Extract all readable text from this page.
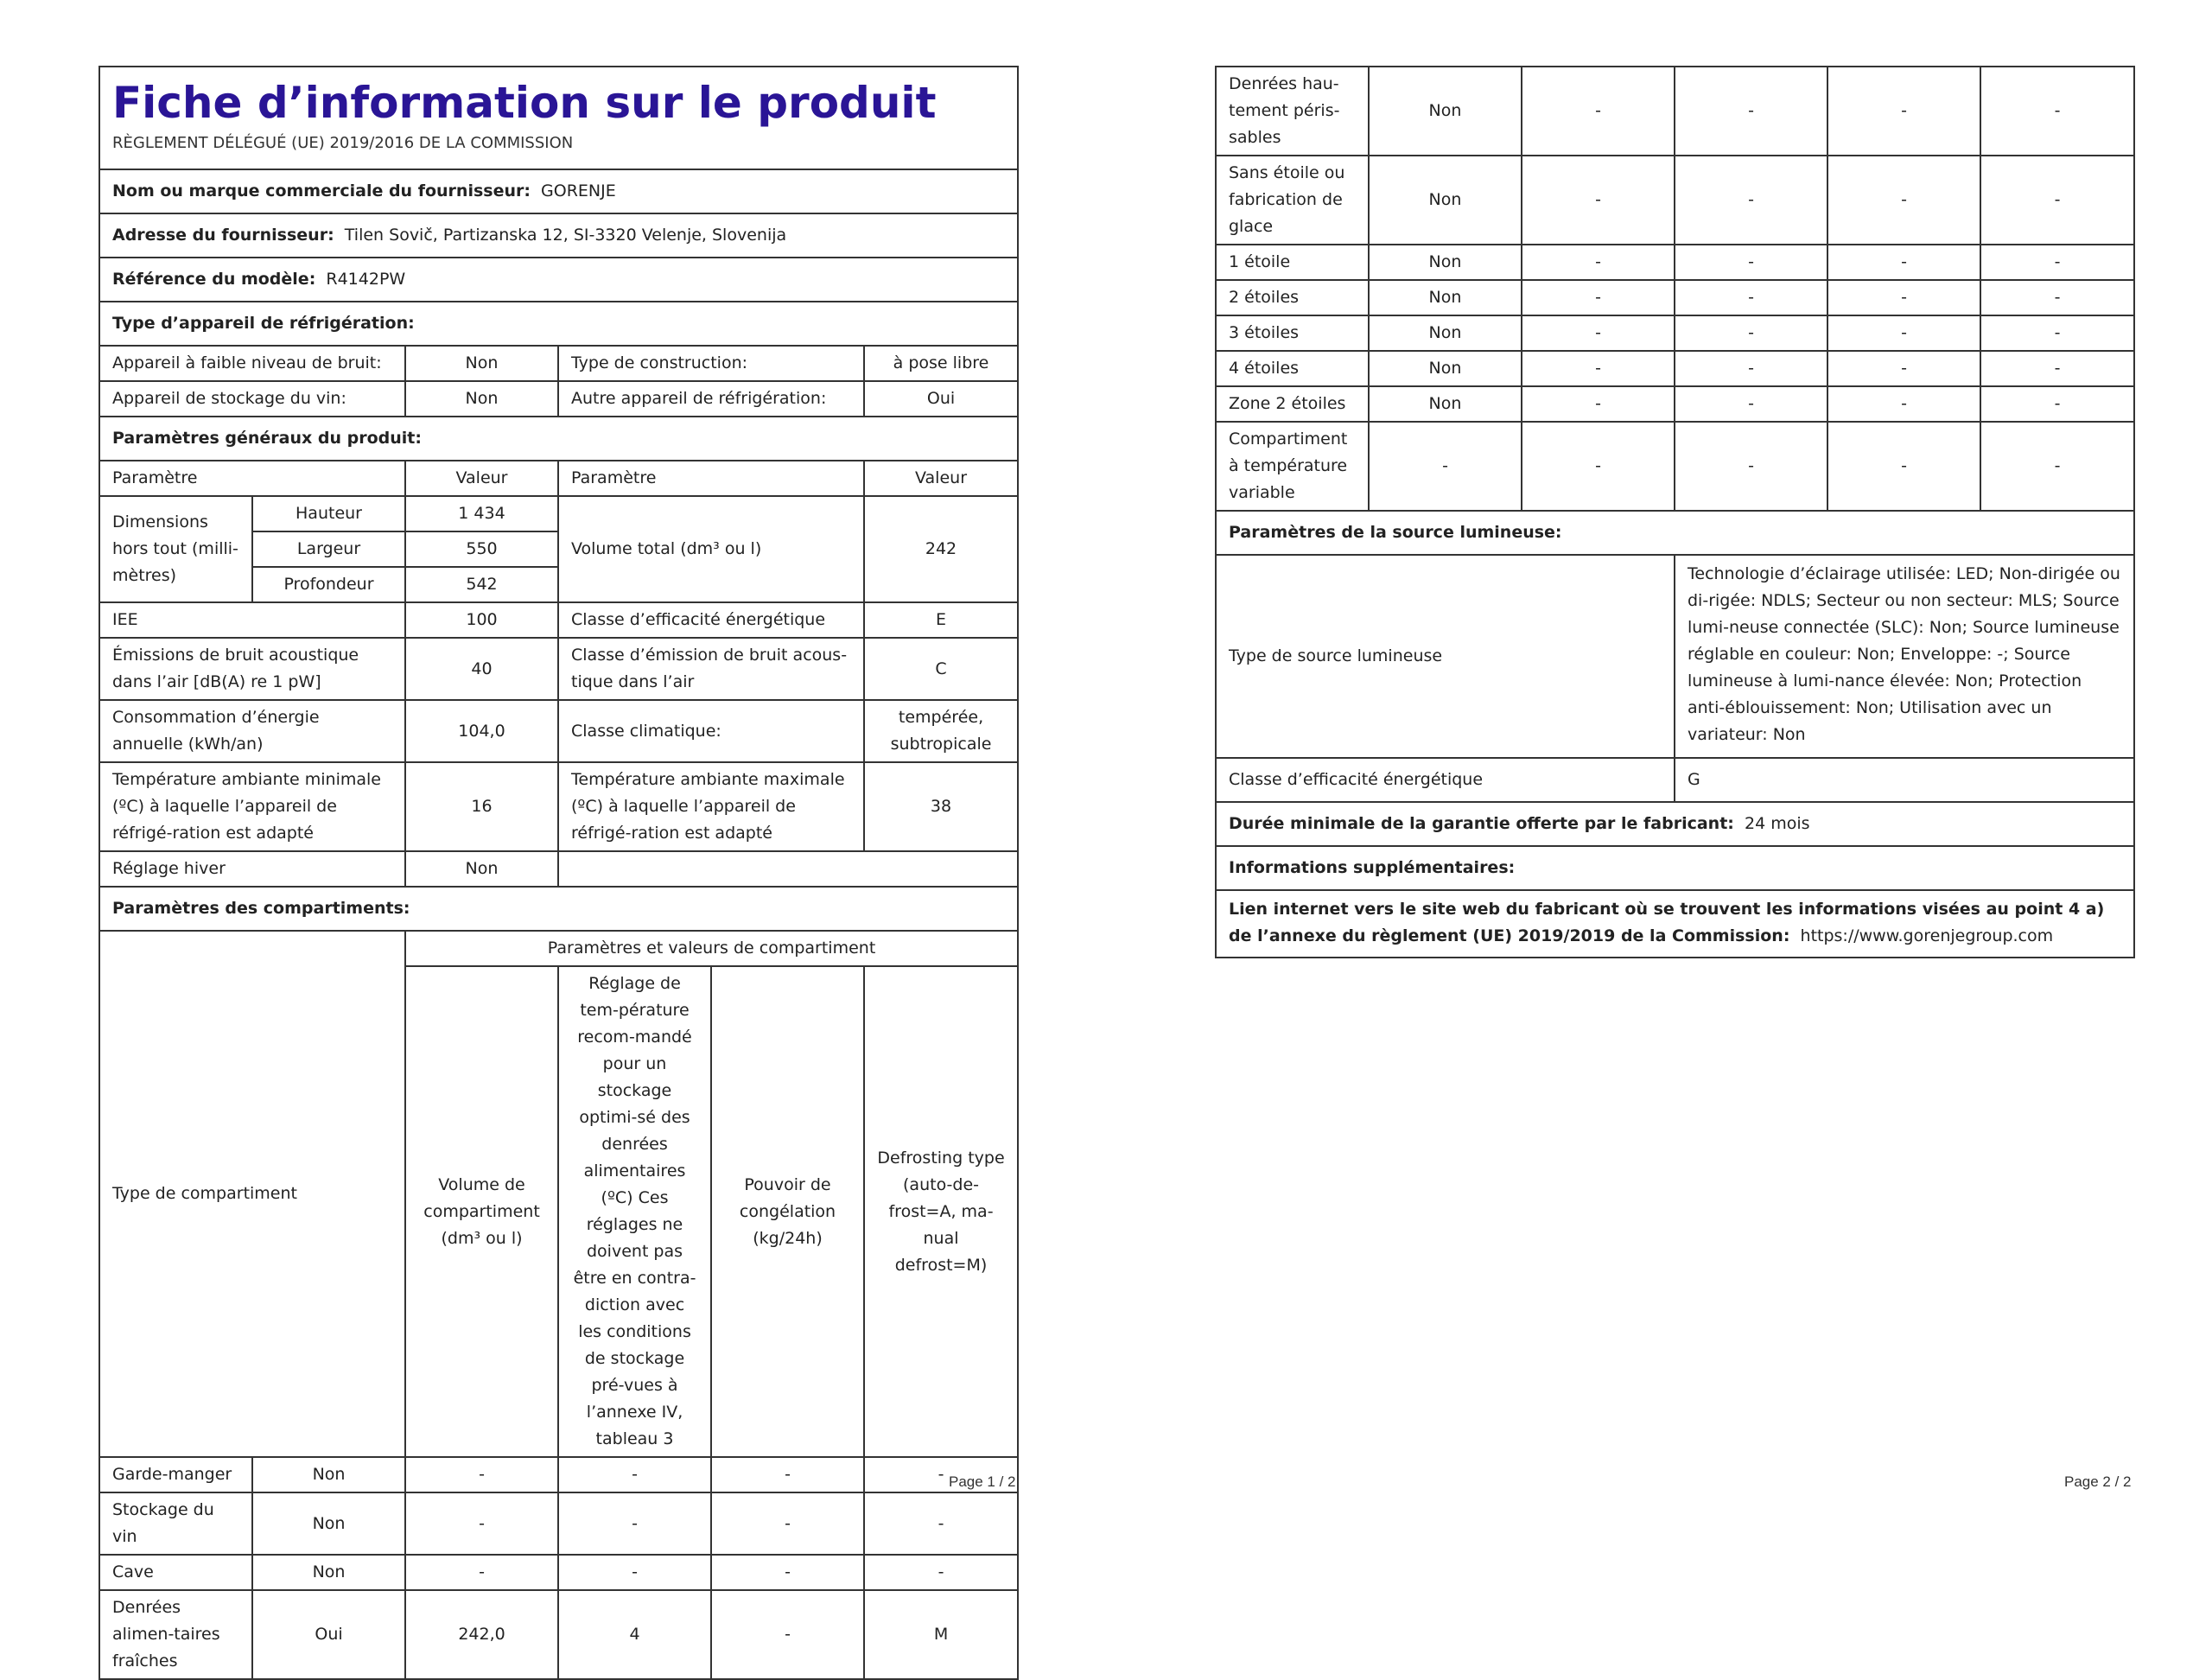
Fiche d’information sur le produit
RÈGLEMENT DÉLÉGUÉ (UE) 2019/2016 DE LA COMMISSION				

Nom ou marque commerciale du fournisseur: GORENJE				
Adresse du fournisseur: Tilen Sovič, Partizanska 12, SI-3320 Velenje, Slovenija				
Référence du modèle: R4142PW				
Type d’appareil de réfrigération:				
Appareil à faible niveau de bruit:		Non	Type de construction:	à pose libre
Appareil de stockage du vin:		Non	Autre appareil de réfrigération:	Oui
Paramètres généraux du produit:				
Paramètre		Valeur	Paramètre	Valeur
Dimensions hors tout (milli-mètres)	Hauteur	1 434	Volume total (dm³ ou l)	242
	Largeur	550		
	Profondeur	542		
IEE		100	Classe d’efficacité énergétique	E
Émissions de bruit acoustique dans l’air [dB(A) re 1 pW]		40	Classe d’émission de bruit acous-tique dans l’air	C
Consommation d’énergie annuelle (kWh/an)		104,0	Classe climatique:	tempérée, subtropicale
Température ambiante minimale (ºC) à laquelle l’appareil de réfrigé-ration est adapté		16	Température ambiante maximale (ºC) à laquelle l’appareil de réfrigé-ration est adapté	38
Réglage hiver		Non		
Paramètres des compartiments:				
Type de compartiment		Paramètres et valeurs de compartiment			
		Volume de compartiment (dm³ ou l)	Réglage de tem-pérature recom-mandé pour un stockage optimi-sé des denrées alimentaires (ºC) Ces réglages ne doivent pas être en contra-diction avec les conditions de stockage pré-vues à l’annexe IV, tableau 3	Pouvoir de congélation (kg/24h)	Defrosting type (auto-de-frost=A, ma-nual defrost=M)
Garde-manger	Non	-	-	-	-
Stockage du vin	Non	-	-	-	-
Cave	Non	-	-	-	-
Denrées alimen-taires fraîches	Oui	242,0	4	-	M
Page 1 / 2
Denrées hau-tement péris-sables	Non	-	-	-	-
Sans étoile ou fabrication de glace	Non	-	-	-	-
1 étoile	Non	-	-	-	-
2 étoiles	Non	-	-	-	-
3 étoiles	Non	-	-	-	-
4 étoiles	Non	-	-	-	-
Zone 2 étoiles	Non	-	-	-	-
Compartiment à température variable	-	-	-	-	-
Paramètres de la source lumineuse:	
Type de source lumineuse	Technologie d’éclairage utilisée: LED; Non-dirigée ou di-rigée: NDLS; Secteur ou non secteur: MLS; Source lumi-neuse connectée (SLC): Non; Source lumineuse réglable en couleur: Non; Enveloppe: -; Source lumineuse à lumi-nance élevée: Non; Protection anti-éblouissement: Non; Utilisation avec un variateur: Non
Classe d’efficacité énergétique	G
Durée minimale de la garantie offerte par le fabricant: 24 mois	
Informations supplémentaires:	
Lien internet vers le site web du fabricant où se trouvent les informations visées au point 4 a) de l’annexe du règlement (UE) 2019/2019 de la Commission: https://www.gorenjegroup.com	
Page 2 / 2
